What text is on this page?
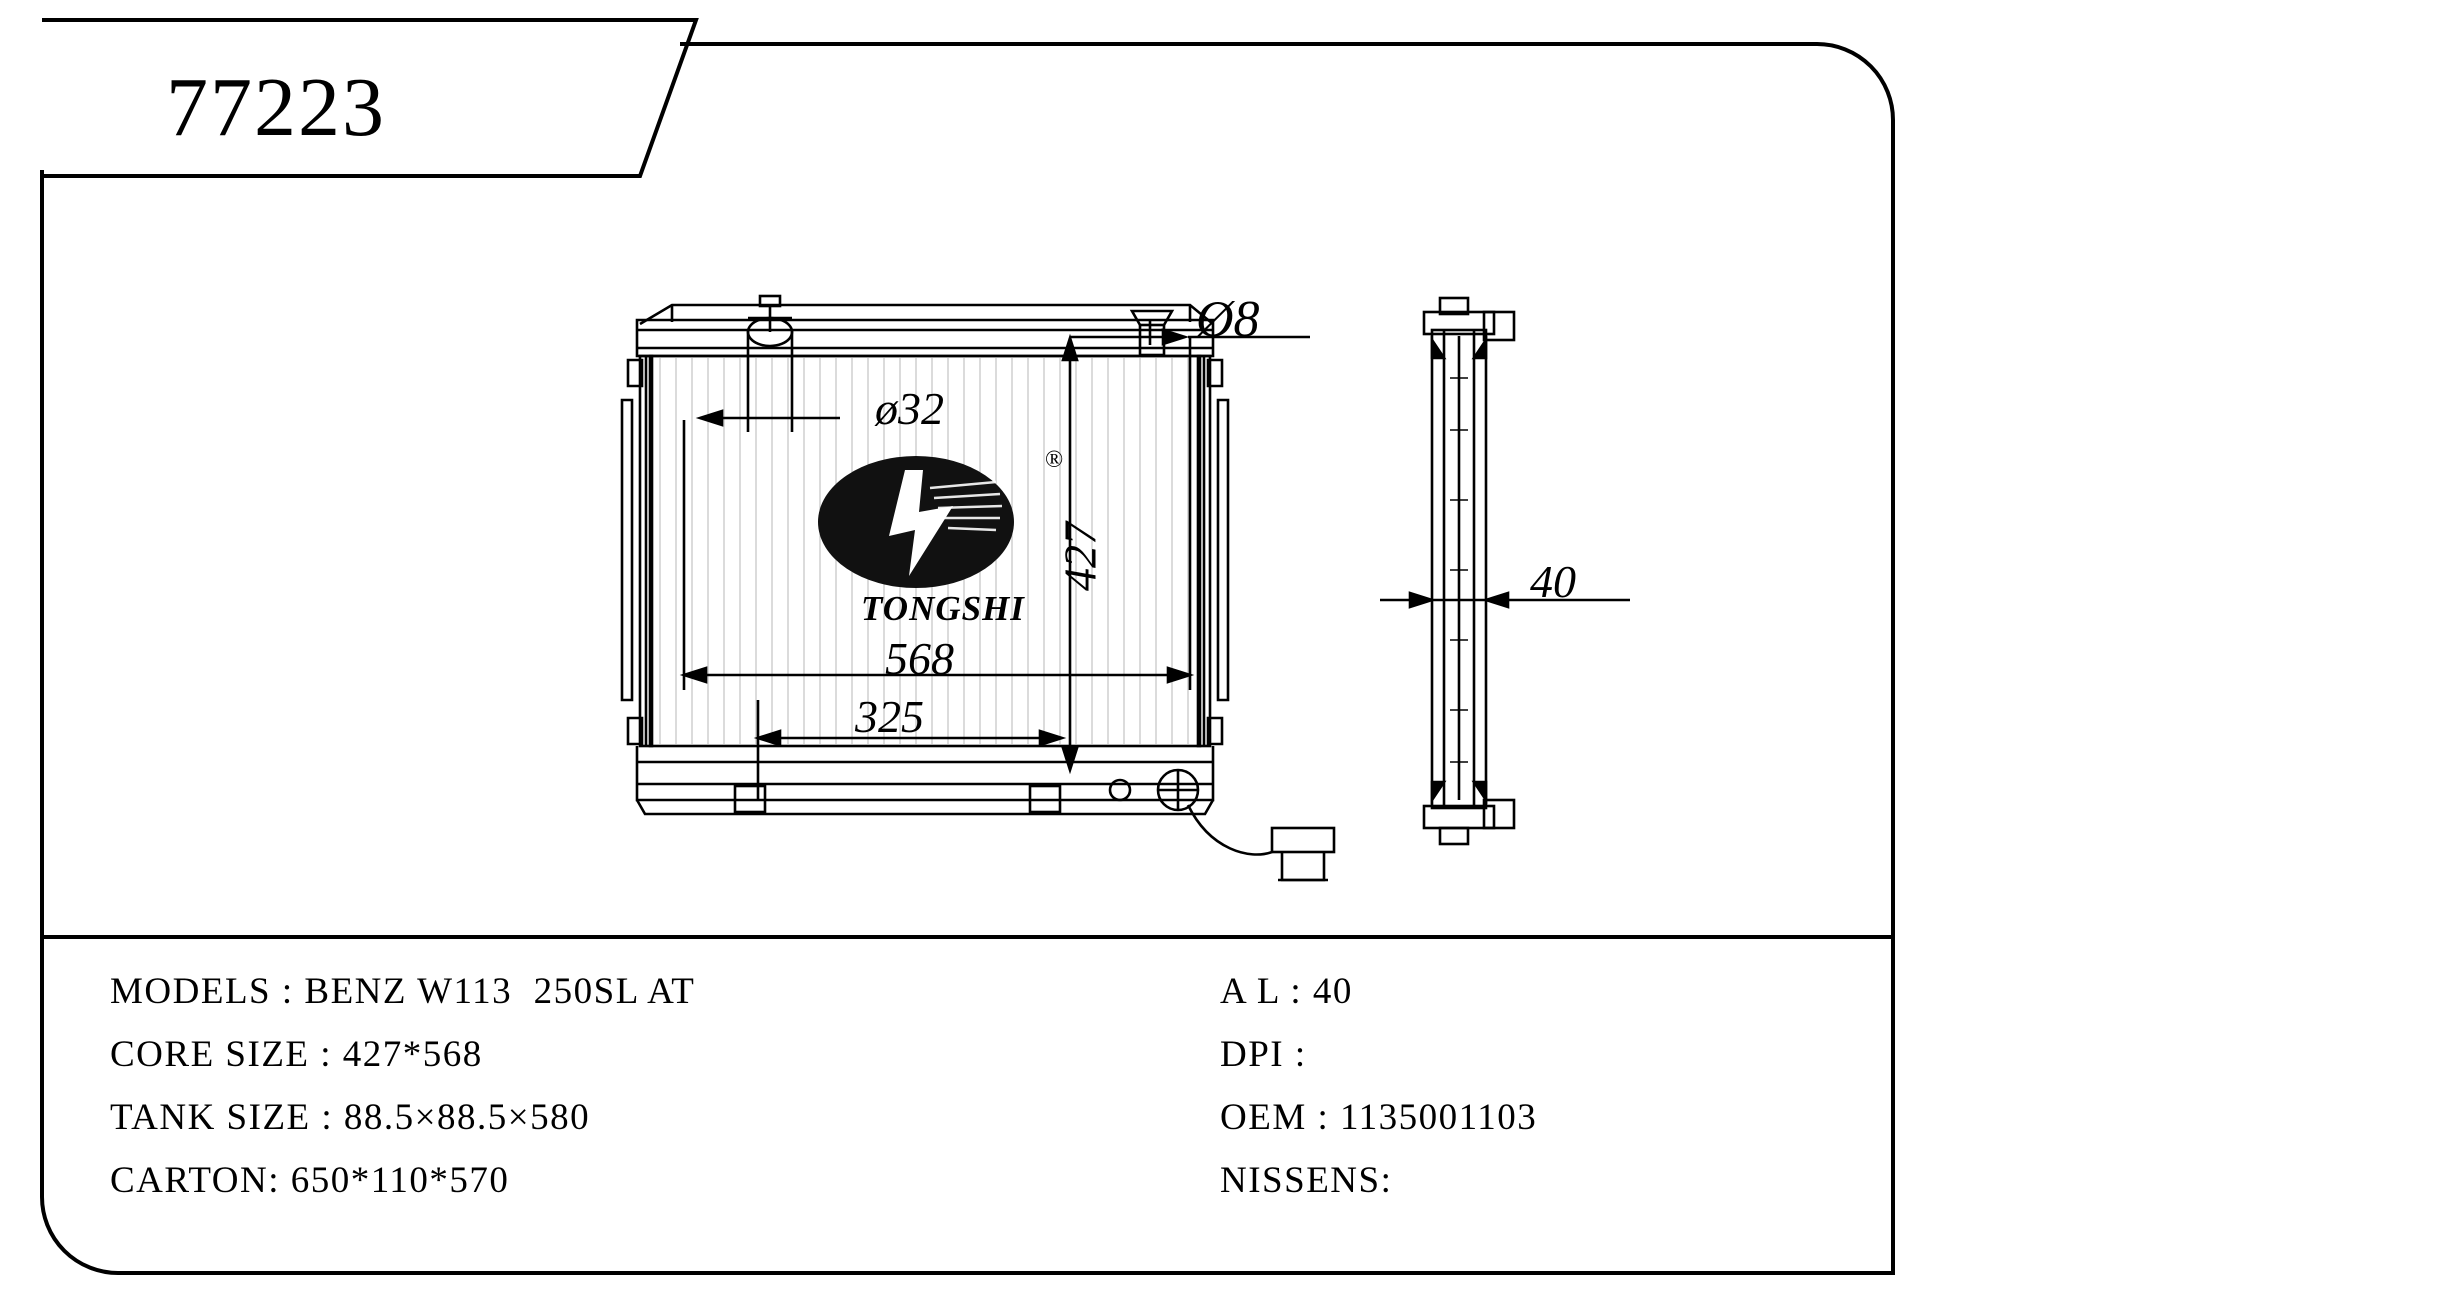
77223
Ø8
®
TONGSHI
ø32
568
325
427	40
MODELS : BENZ W113  250SL AT	A L : 40
CORE SIZE : 427*568	DPI :
TANK SIZE : 88.5×88.5×580	OEM : 1135001103
CARTON: 650*110*570	NISSENS:
